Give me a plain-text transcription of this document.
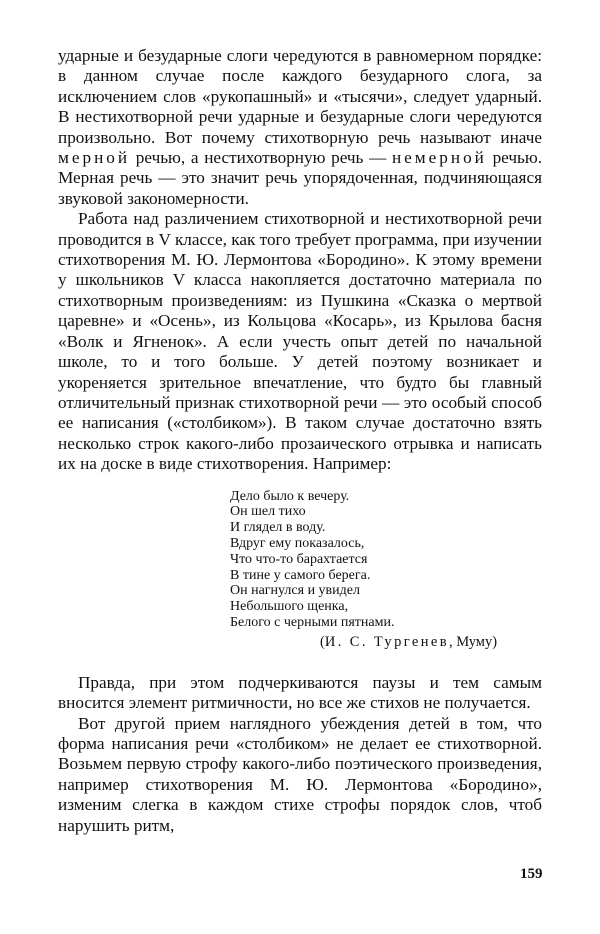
ударные и безударные слоги чередуются в равномерном порядке: в данном случае после каждого безударного слога, за исключением слов «рукопашный» и «тысячи», следует ударный. В нестихотворной речи ударные и безударные слоги чередуются произвольно. Вот почему стихотворную речь называют иначе мерной речью, а нестихотворную речь — немерной речью. Мерная речь — это значит речь упорядоченная, подчиняющаяся звуковой закономерности.

Работа над различением стихотворной и нестихотворной речи проводится в V классе, как того требует программа, при изучении стихотворения М. Ю. Лермонтова «Бородино». К этому времени у школьников V класса накопляется достаточно материала по стихотворным произведениям: из Пушкина «Сказка о мертвой царевне» и «Осень», из Кольцова «Косарь», из Крылова басня «Волк и Ягненок». А если учесть опыт детей по начальной школе, то и того больше. У детей поэтому возникает и укореняется зрительное впечатление, что будто бы главный отличительный признак стихотворной речи — это особый способ ее написания («столбиком»). В таком случае достаточно взять несколько строк какого-либо прозаического отрывка и написать их на доске в виде стихотворения. Например:

Дело было к вечеру.
Он шел тихо
И глядел в воду.
Вдруг ему показалось,
Что что-то барахтается
В тине у самого берега.
Он нагнулся и увидел
Небольшого щенка,
Белого с черными пятнами.
(И. С. Тургенев, Муму)

Правда, при этом подчеркиваются паузы и тем самым вносится элемент ритмичности, но все же стихов не получается.

Вот другой прием наглядного убеждения детей в том, что форма написания речи «столбиком» не делает ее стихотворной. Возьмем первую строфу какого-либо поэтического произведения, например стихотворения М. Ю. Лермонтова «Бородино», изменим слегка в каждом стихе строфы порядок слов, чтоб нарушить ритм,

159
